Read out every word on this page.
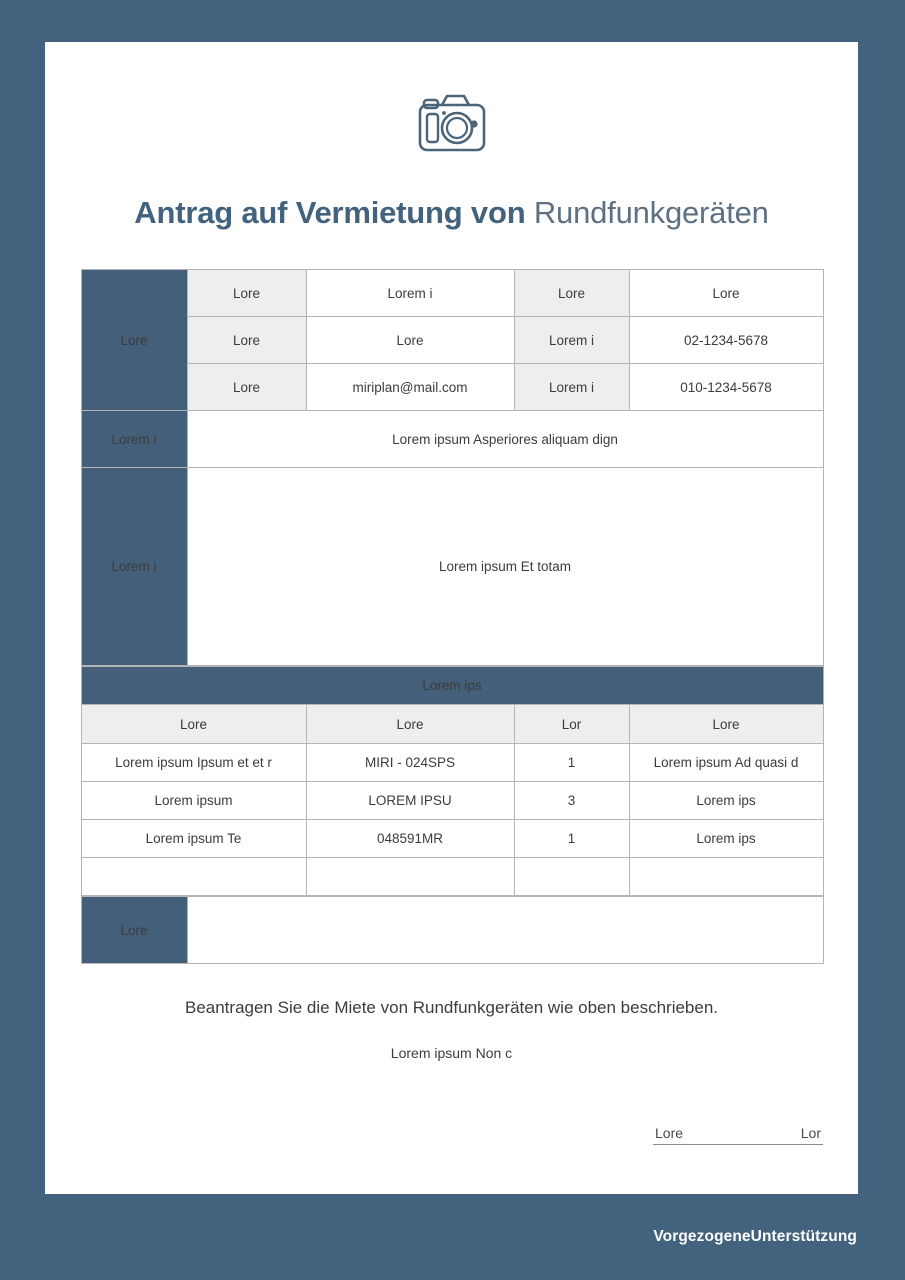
Antrag auf Vermietung von Rundfunkgeräten
Lore	Lore	Lorem i	Lore	Lore
	Lore	Lore	Lorem i	02-1234-5678
	Lore	miriplan@mail.com	Lorem i	010-1234-5678
Lorem i	Lorem ipsum Asperiores aliquam dign			
Lorem i	Lorem ipsum Et totam			
Lorem ips			
Lore	Lore	Lor	Lore
Lorem ipsum Ipsum et et r	MIRI - 024SPS	1	Lorem ipsum Ad quasi d
Lorem ipsum	LOREM IPSU	3	Lorem ips
Lorem ipsum Te	048591MR	1	Lorem ips

Lore	
Beantragen Sie die Miete von Rundfunkgeräten wie oben beschrieben.
Lorem ipsum Non c
Lore	Lor
VorgezogeneUnterstützung
